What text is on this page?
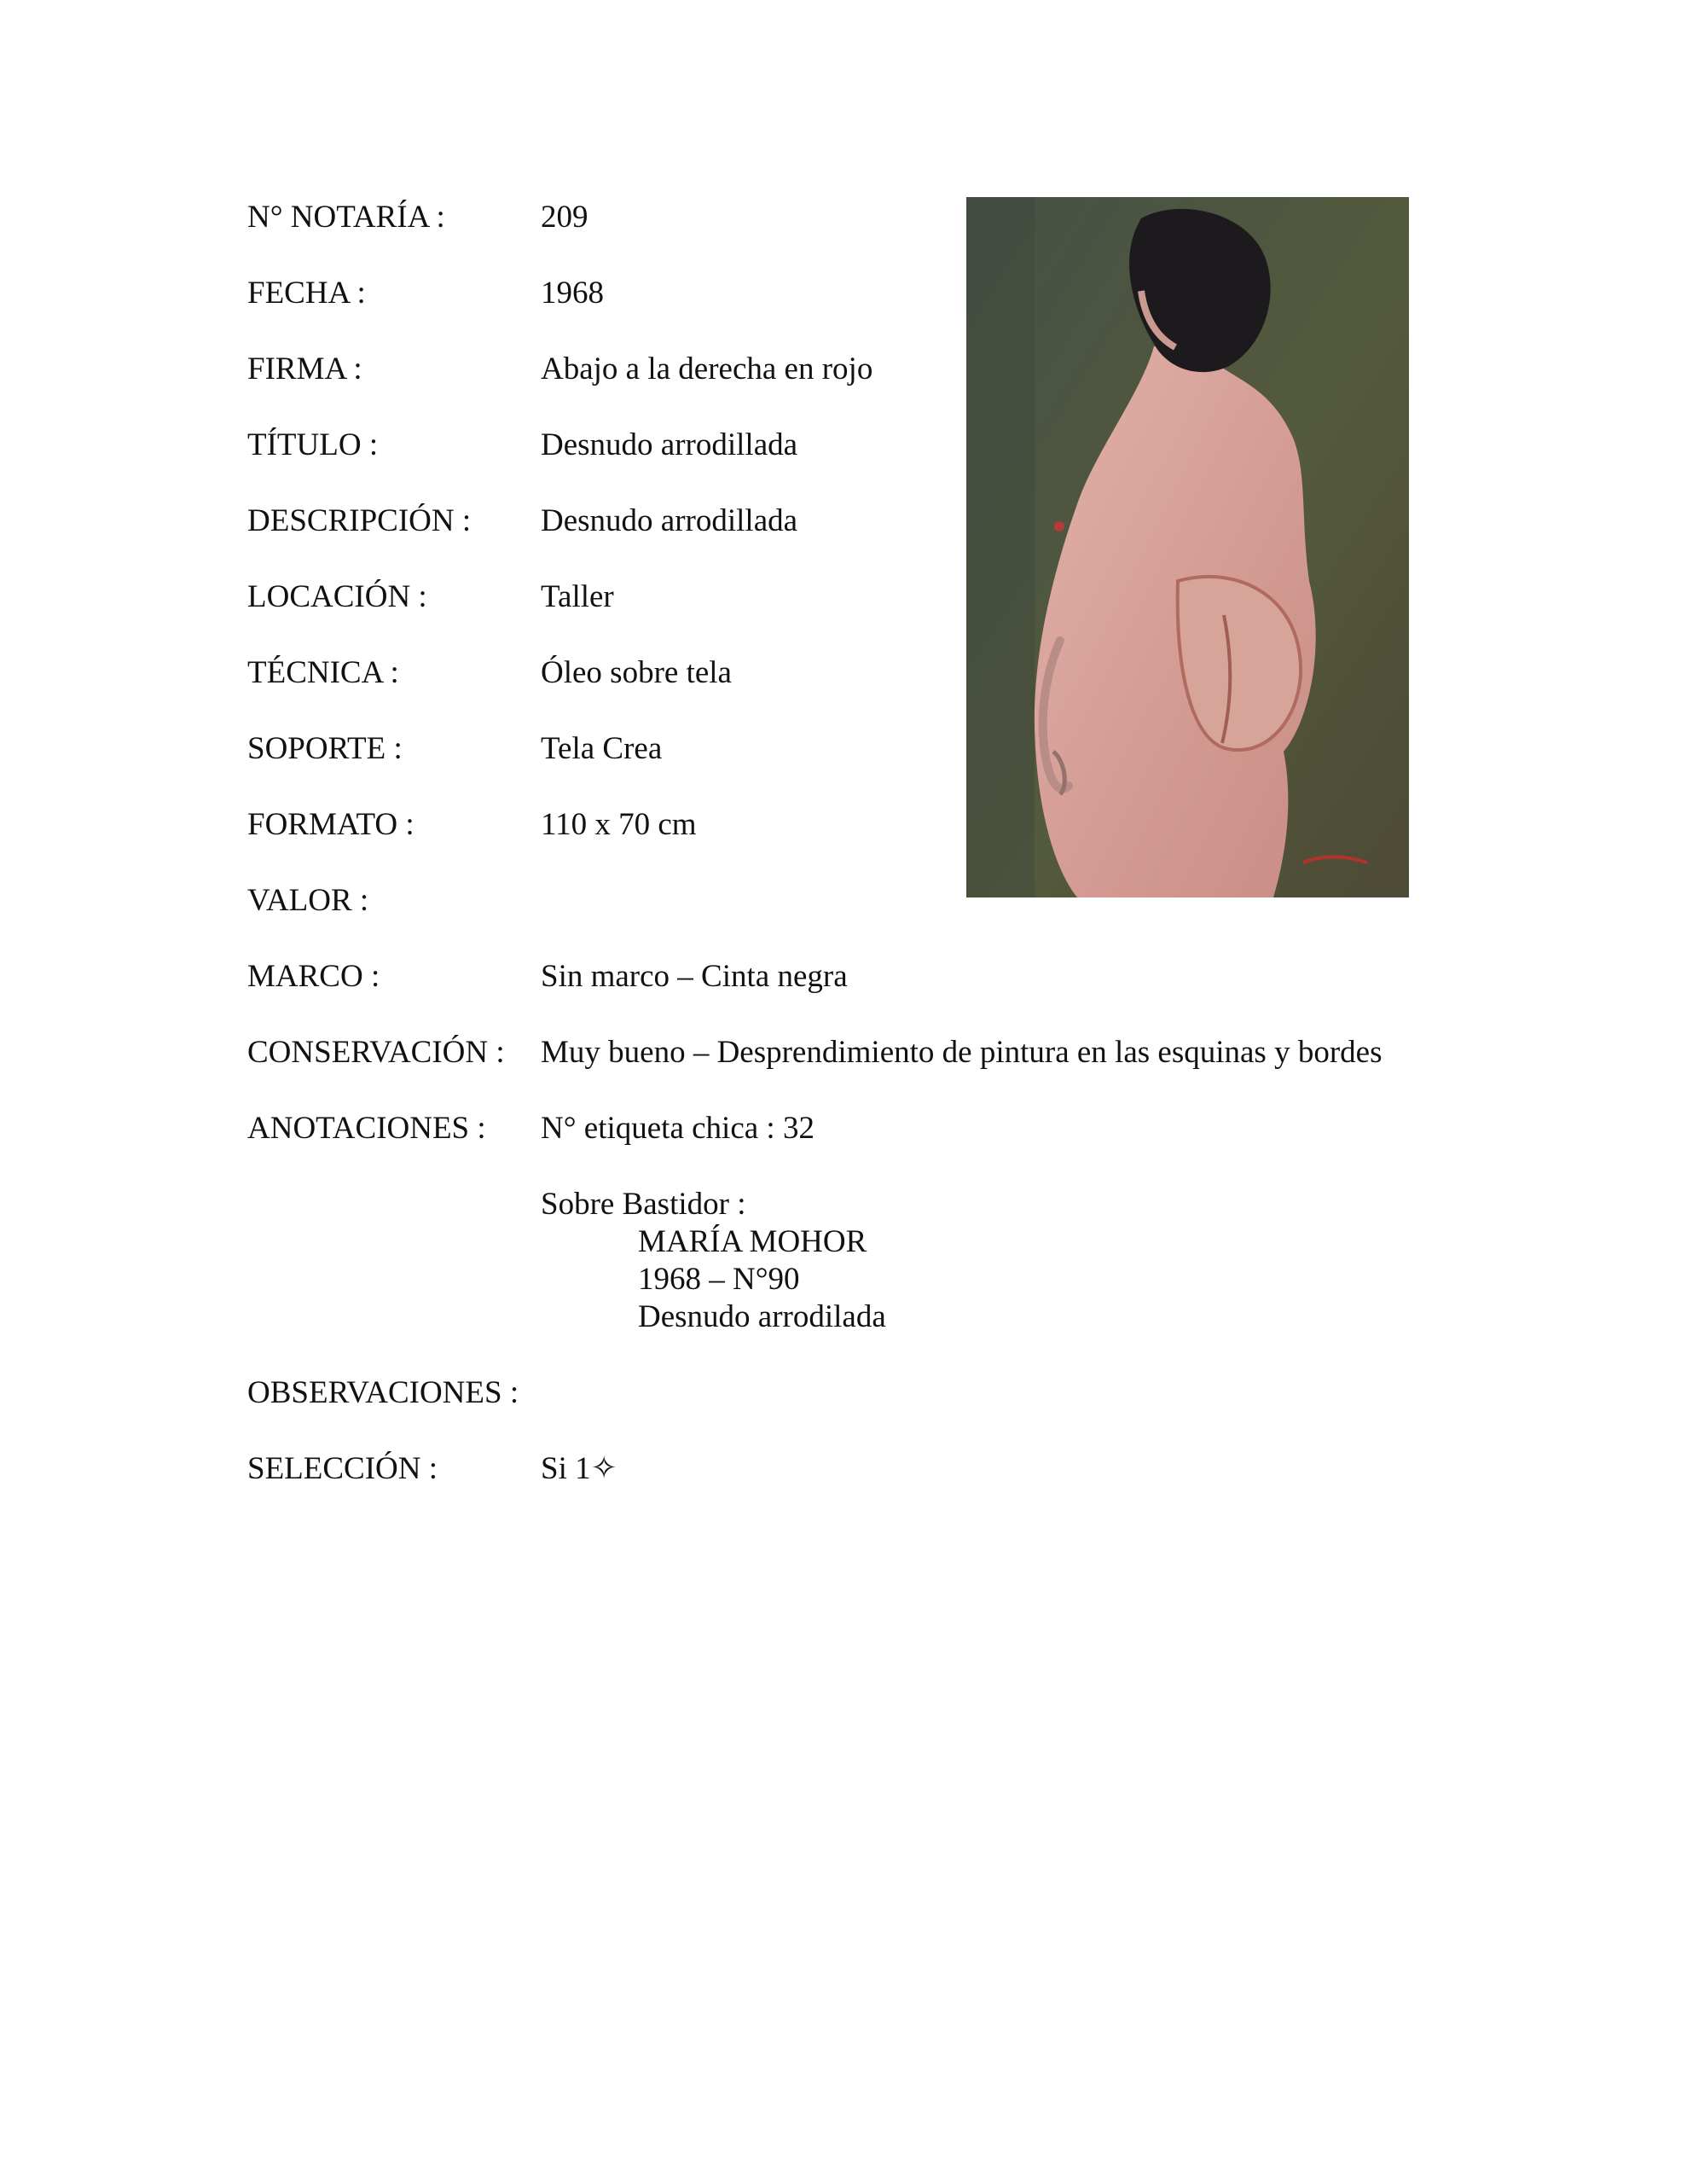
N° NOTARÍA :	209
FECHA :	1968
FIRMA :	Abajo a la derecha en rojo
TÍTULO :	Desnudo arrodillada
DESCRIPCIÓN : Desnudo arrodillada
LOCACIÓN :	Taller
TÉCNICA :	Óleo sobre tela
SOPORTE :	Tela Crea
FORMATO :	110 x 70 cm
VALOR :
MARCO :	Sin marco – Cinta negra
CONSERVACIÓN : Muy bueno – Desprendimiento de pintura en las esquinas y bordes
ANOTACIONES : N° etiqueta chica : 32
Sobre Bastidor :
MARÍA MOHOR
1968 – N°90
Desnudo arrodilada
OBSERVACIONES :
SELECCIÓN :	Si 1✧
